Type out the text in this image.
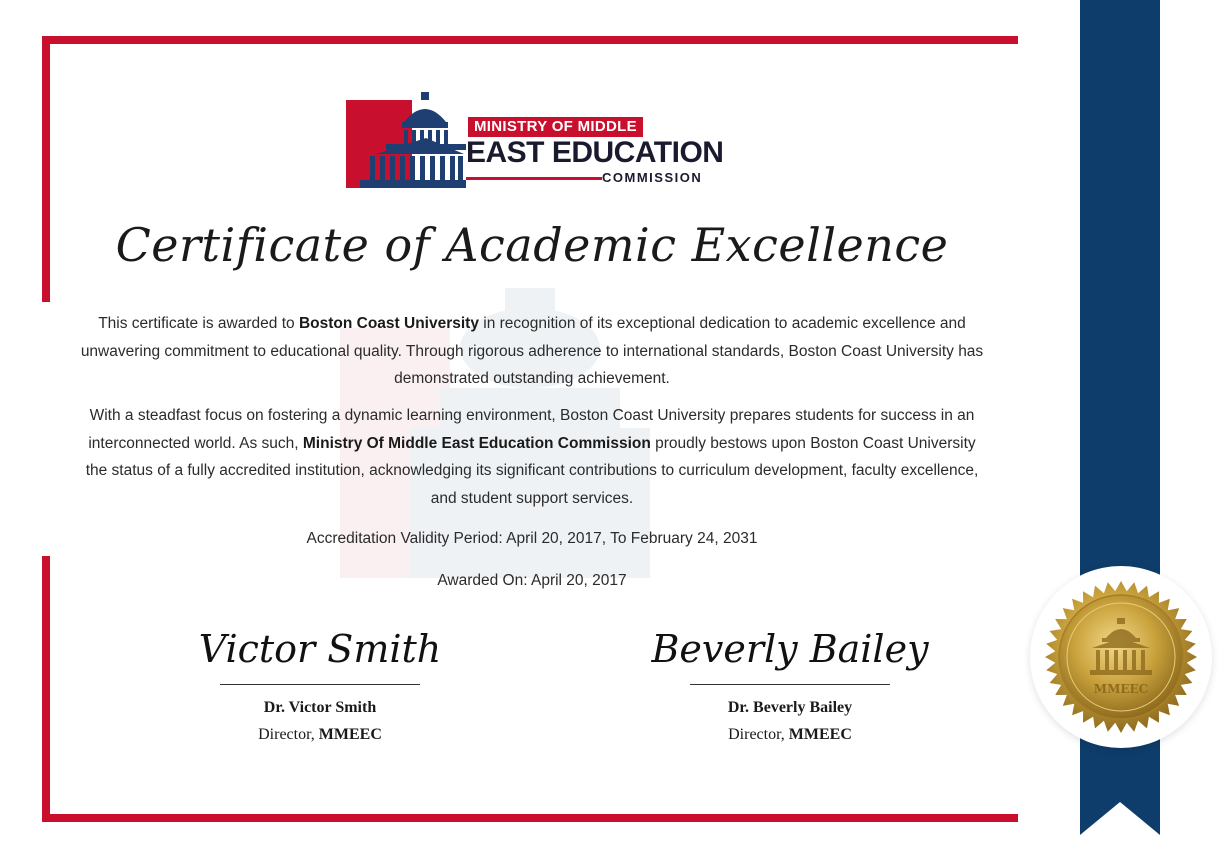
MINISTRY OF MIDDLE
EAST EDUCATION
COMMISSION
Certificate of Academic Excellence
This certificate is awarded to Boston Coast University in recognition of its exceptional dedication to academic excellence and unwavering commitment to educational quality. Through rigorous adherence to international standards, Boston Coast University has demonstrated outstanding achievement.
With a steadfast focus on fostering a dynamic learning environment, Boston Coast University prepares students for success in an interconnected world. As such, Ministry Of Middle East Education Commission proudly bestows upon Boston Coast University the status of a fully accredited institution, acknowledging its significant contributions to curriculum development, faculty excellence, and student support services.
Accreditation Validity Period: April 20, 2017, To February 24, 2031
Awarded On: April 20, 2017
Victor Smith
Dr. Victor Smith
Director, MMEEC
Beverly Bailey
Dr. Beverly Bailey
Director, MMEEC
MMEEC
